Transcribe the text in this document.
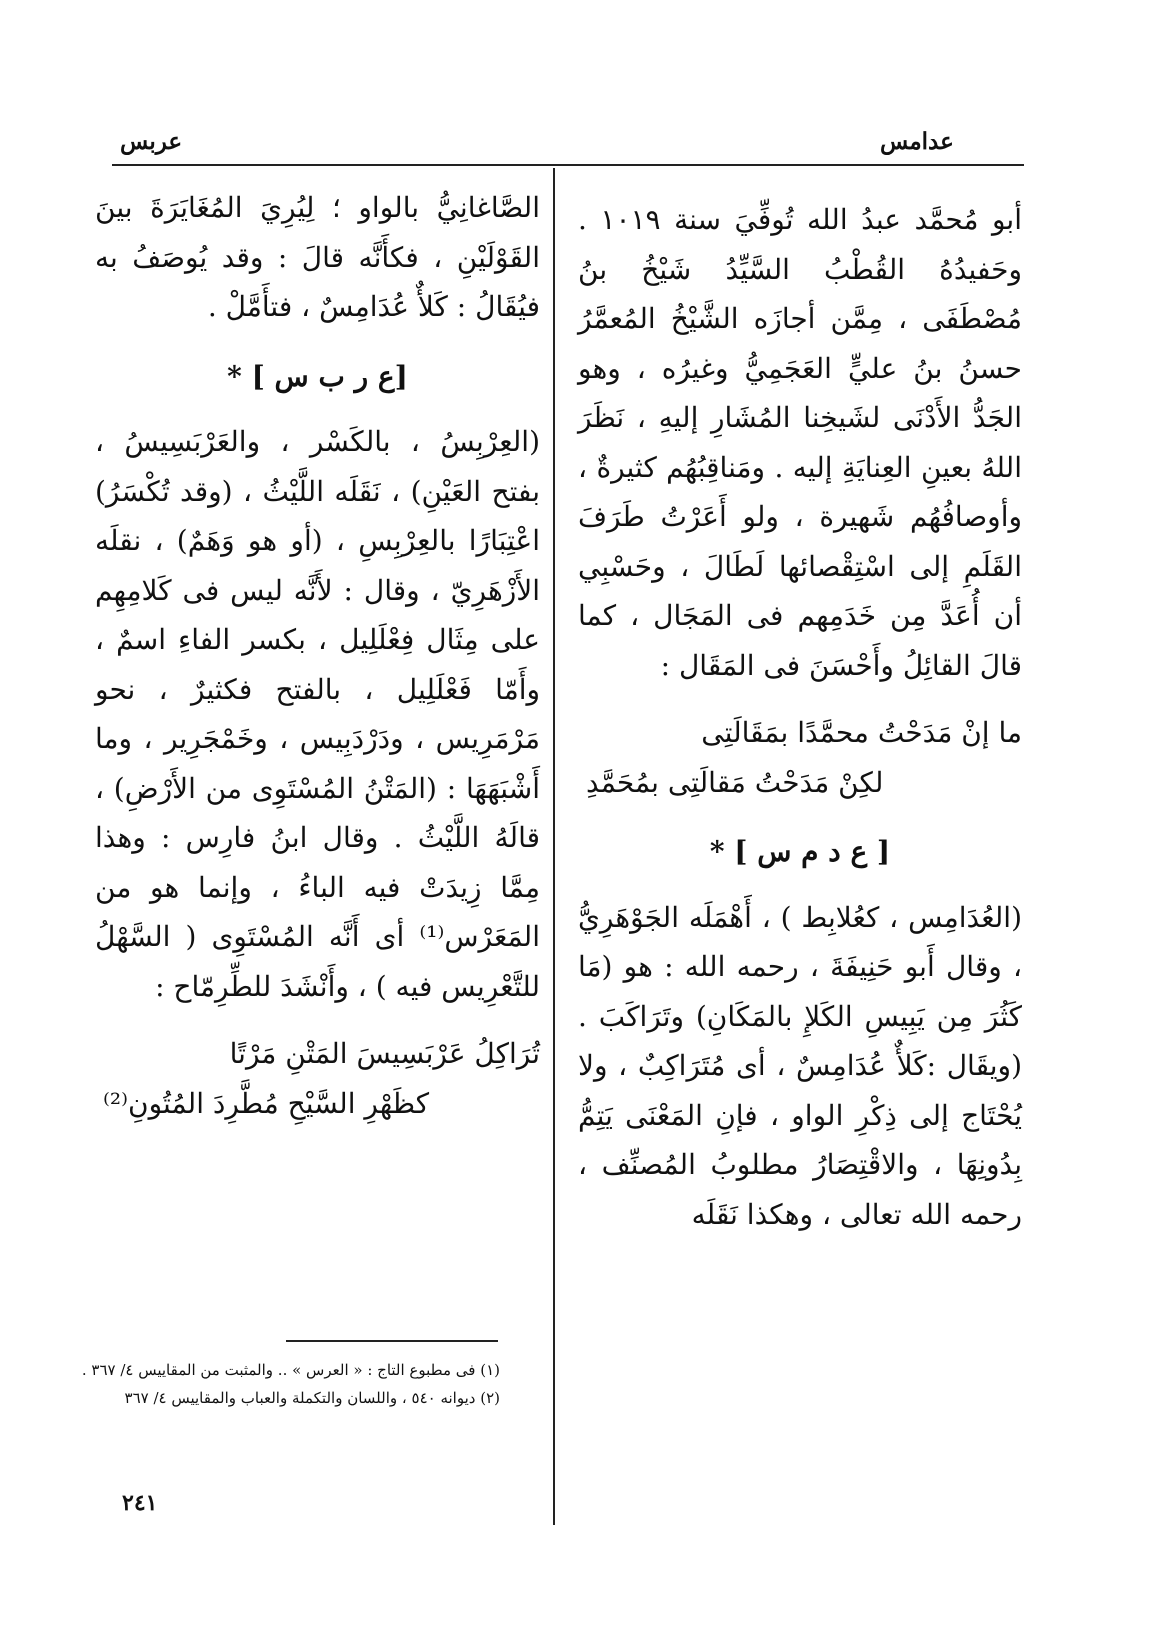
عدامس
عربس

أبو مُحمَّد عبدُ الله تُوفِّيَ سنة ١٠١٩ . وحَفيدُهُ القُطْبُ السَّيِّدُ شَيْخُ بنُ مُصْطَفَى ، مِمَّن أجازَه الشَّيْخُ المُعمَّرُ حسنُ بنُ عليٍّ العَجَمِيُّ وغيرُه ، وهو الجَدُّ الأَدْنَى لشَيخِنا المُشَارِ إليهِ ، نَظَرَ اللهُ بعينِ العِنايَةِ إليه . ومَناقِبُهُم كثيرةٌ ، وأوصافُهُم شَهيرة ، ولو أَعَرْتُ طَرَفَ القَلَمِ إلى اسْتِقْصائها لَطَالَ ، وحَسْبِي أن أُعَدَّ مِن خَدَمِهم فى المَجَال ، كما قالَ القائِلُ وأَحْسَنَ فى المَقَال :

ما إنْ مَدَحْتُ محمَّدًا بمَقَالَتِى
لكِنْ مَدَحْتُ مَقالَتِى بمُحَمَّدِ

[ ع د م س ] *

(العُدَامِس ، كعُلابِط ) ، أَهْمَلَه الجَوْهَرِيُّ ، وقال أَبو حَنِيفَةَ ، رحمه الله : هو (مَا كَثُرَ مِن يَبِيسِ الكَلإِ بالمَكَانِ) وتَرَاكَبَ . (ويقَال :كَلأٌ عُدَامِسٌ ، أى مُتَرَاكِبٌ ، ولا يُحْتَاج إلى ذِكْرِ الواو ، فإنِ المَعْنَى يَتِمُّ بِدُونِهَا ، والاقْتِصَارُ مطلوبُ المُصنِّف ، رحمه الله تعالى ، وهكذا نَقَلَه

الصَّاغانِيُّ بالواو ؛ لِيُرِيَ المُغَايَرَةَ بينَ القَوْلَيْنِ ، فكأَنَّه قالَ : وقد يُوصَفُ به فيُقَالُ : كَلأٌ عُدَامِسٌ ، فتأَمَّلْ .

[ع ر ب س ] *

(العِرْبِسُ ، بالكَسْر ، والعَرْبَسِيسُ ، بفتح العَيْنِ) ، نَقَلَه اللَّيْثُ ، (وقد تُكْسَرُ) اعْتِبَارًا بالعِرْبِسِ ، (أو هو وَهَمٌ) ، نقلَه الأَزْهَرِيّ ، وقال : لأَنَّه ليس فى كَلامِهِم على مِثَال فِعْلَلِيل ، بكسر الفاءِ اسمٌ ، وأَمّا فَعْلَلِيل ، بالفتح فكثيرٌ ، نحو مَرْمَرِيس ، ودَرْدَبِيس ، وخَمْجَرِير ، وما أَشْبَهَهَا : (المَتْنُ المُسْتَوِى من الأَرْضِ) ، قالَهُ اللَّيْثُ . وقال ابنُ فارِس : وهذا مِمَّا زِيدَتْ فيه الباءُ ، وإنما هو من المَعَرْس⁽¹⁾ أى أَنَّه المُسْتَوِى ( السَّهْلُ للتَّعْرِيس فيه ) ، وأَنْشَدَ للطِّرِمّاح :

تُرَاكِلُ عَرْبَسِيسَ المَتْنِ مَرْتًا
كظَهْرِ السَّيْحِ مُطَّرِدَ المُتُونِ⁽²⁾
(١) فى مطبوع التاج : « العرس » .. والمثبت من المقاييس ٤/ ٣٦٧ .
(٢) ديوانه ٥٤٠ ، واللسان والتكملة والعباب والمقاييس ٤/ ٣٦٧
٢٤١
